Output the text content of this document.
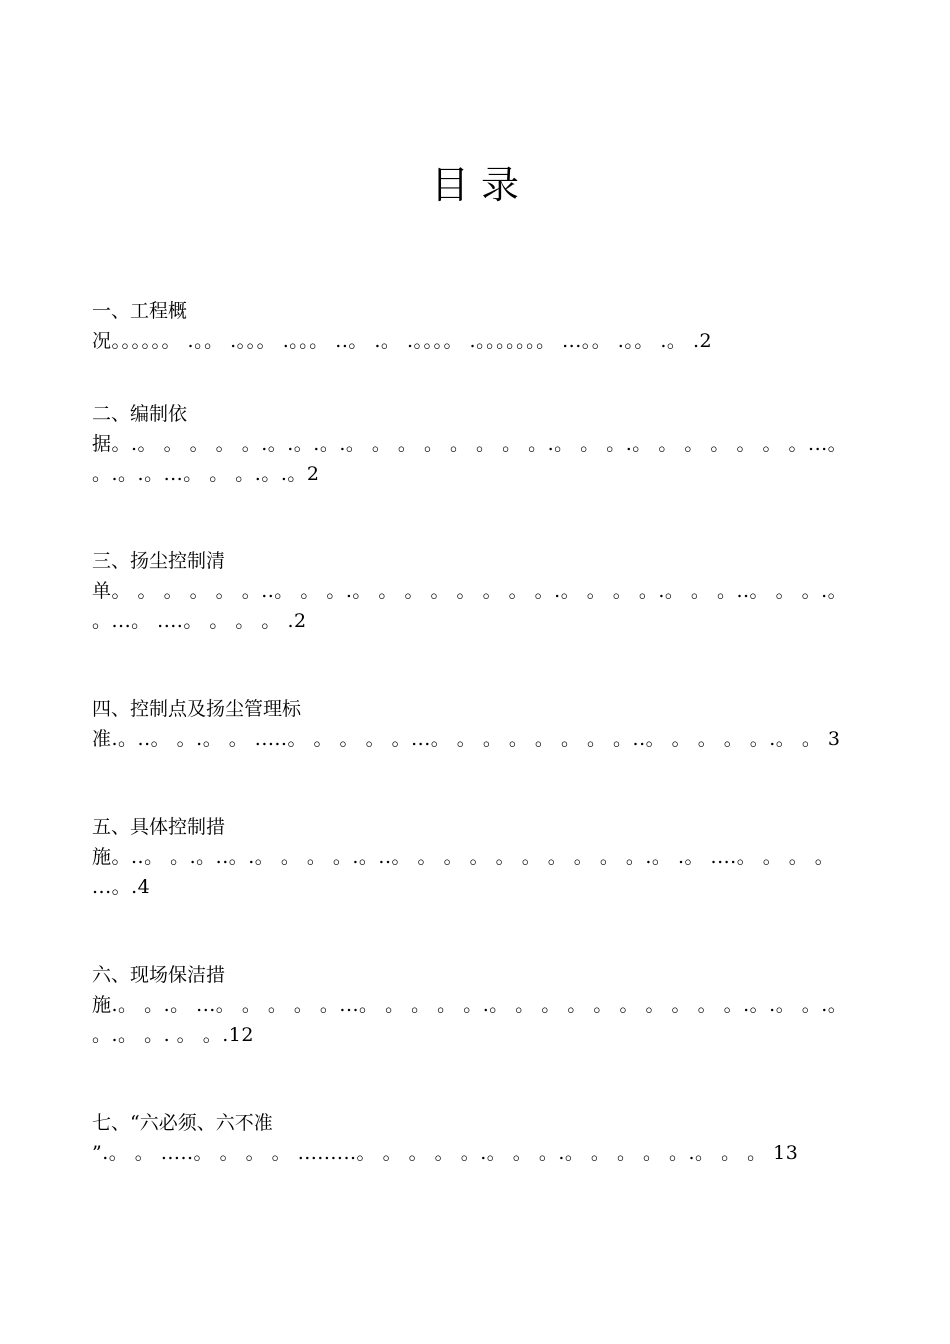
目 录
一、工程概
况。。。。。。 .。。 .。。。 .。。。 ..。 .。 .。。。。 .。。。。。。。 ...。。 .。。 .。 .2
二、编制依
据。.。 。 。 。 。.。.。.。.。 。 。 。 。 。 。 。.。 。 。.。 。 。 。 。 。 。...。 。.。.。...。 。 。.。.。2
三、扬尘控制清
单。 。 。 。 。 。..。 。 。.。 。 。 。 。 。 。 。.。 。 。 。.。 。 。..。 。 。.。 。...。 ....。 。 。 。 .2
四、控制点及扬尘管理标
准.。..。 。.。 。 .....。 。 。 。 。...。 。 。 。 。 。 。 。..。 。 。 。 。.。 。 3
五、具体控制措
施。..。 。.。..。.。 。 。 。.。..。 。 。 。 。 。 。 。 。 。.。 .。 ....。 。 。 。 ...。.4
六、现场保洁措
施.。 。.。 ...。 。 。 。 。...。 。 。 。 。.。 。 。 。 。 。 。 。 。 。.。.。 。.。 。.。 。. 。 。.12
七、“六必须、六不准
”.。 。 .....。 。 。 。 .........。 。 。 。 。.。 。 。.。 。 。 。 。.。 。 。 13
